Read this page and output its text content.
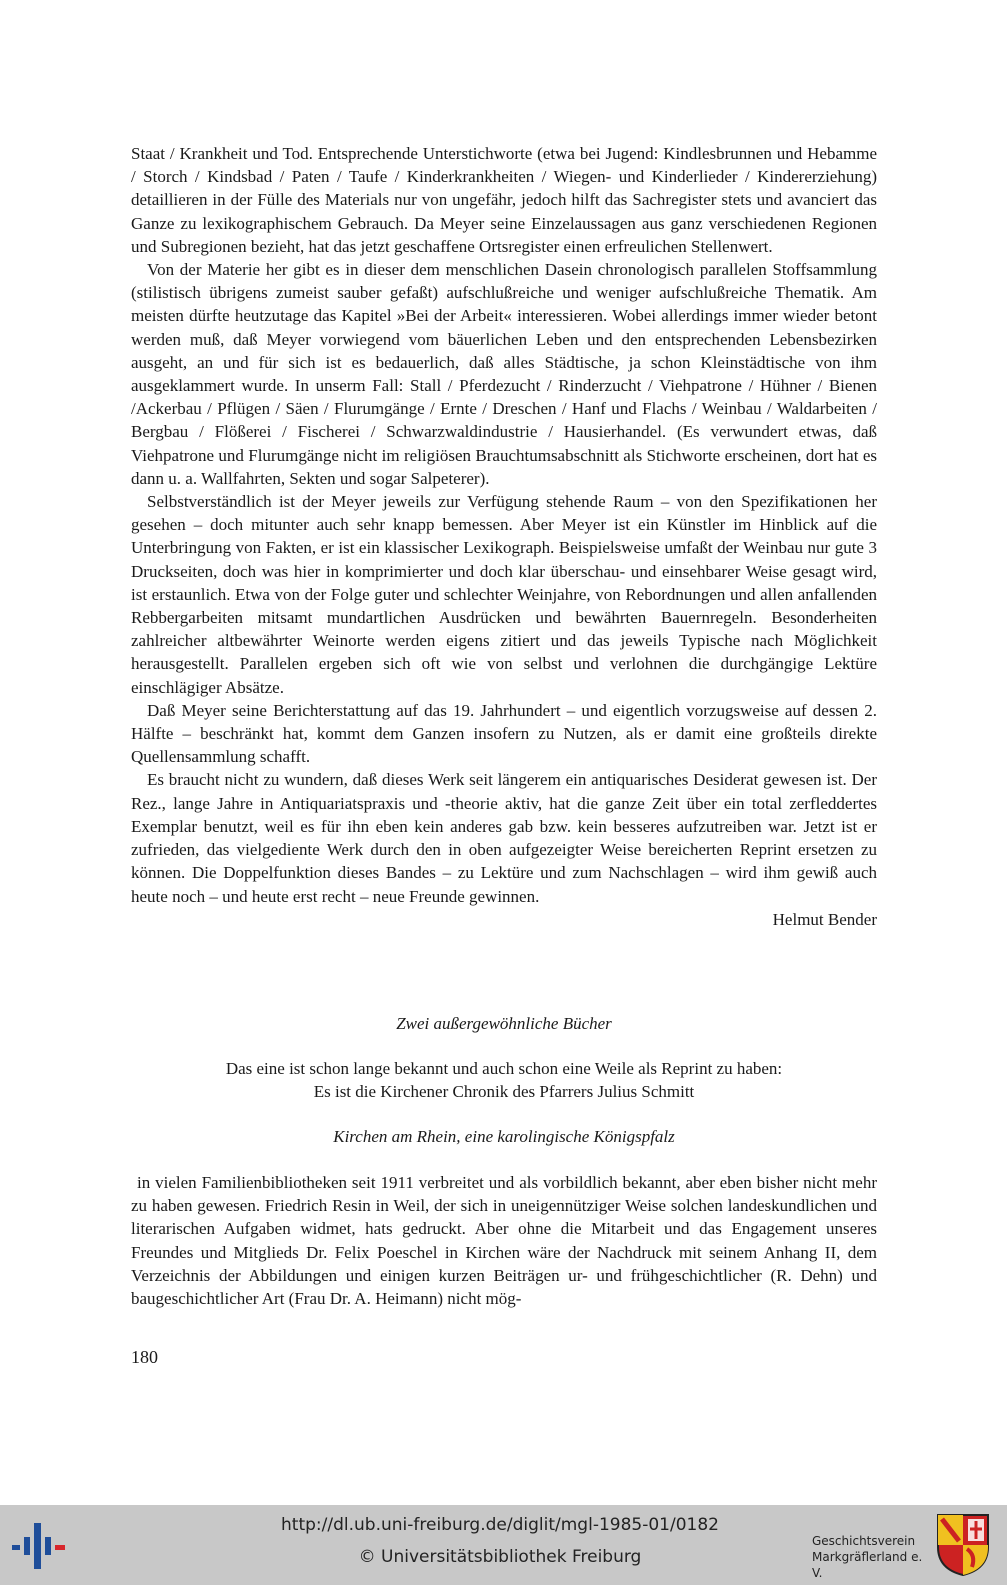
Staat / Krankheit und Tod. Entsprechende Unterstichworte (etwa bei Jugend: Kindlesbrunnen und Hebamme / Storch / Kindsbad / Paten / Taufe / Kinderkrankheiten / Wiegen- und Kinderlieder / Kindererziehung) detaillieren in der Fülle des Materials nur von ungefähr, jedoch hilft das Sachregister stets und avanciert das Ganze zu lexikographischem Gebrauch. Da Meyer seine Einzelaussagen aus ganz verschiedenen Regionen und Subregionen bezieht, hat das jetzt geschaffene Ortsregister einen erfreulichen Stellenwert.

Von der Materie her gibt es in dieser dem menschlichen Dasein chronologisch parallelen Stoffsammlung (stilistisch übrigens zumeist sauber gefaßt) aufschlußreiche und weniger aufschlußreiche Thematik. Am meisten dürfte heutzutage das Kapitel »Bei der Arbeit« interessieren. Wobei allerdings immer wieder betont werden muß, daß Meyer vorwiegend vom bäuerlichen Leben und den entsprechenden Lebensbezirken ausgeht, an und für sich ist es bedauerlich, daß alles Städtische, ja schon Kleinstädtische von ihm ausgeklammert wurde. In unserm Fall: Stall / Pferdezucht / Rinderzucht / Viehpatrone / Hühner / Bienen /Ackerbau / Pflügen / Säen / Flurumgänge / Ernte / Dreschen / Hanf und Flachs / Weinbau / Waldarbeiten / Bergbau / Flößerei / Fischerei / Schwarzwaldindustrie / Hausierhandel. (Es verwundert etwas, daß Viehpatrone und Flurumgänge nicht im religiösen Brauchtumsabschnitt als Stichworte erscheinen, dort hat es dann u. a. Wallfahrten, Sekten und sogar Salpeterer).

Selbstverständlich ist der Meyer jeweils zur Verfügung stehende Raum – von den Spezifikationen her gesehen – doch mitunter auch sehr knapp bemessen. Aber Meyer ist ein Künstler im Hinblick auf die Unterbringung von Fakten, er ist ein klassischer Lexikograph. Beispielsweise umfaßt der Weinbau nur gute 3 Druckseiten, doch was hier in komprimierter und doch klar überschau- und einsehbarer Weise gesagt wird, ist erstaunlich. Etwa von der Folge guter und schlechter Weinjahre, von Rebordnungen und allen anfallenden Rebbergarbeiten mitsamt mundartlichen Ausdrücken und bewährten Bauernregeln. Besonderheiten zahlreicher altbewährter Weinorte werden eigens zitiert und das jeweils Typische nach Möglichkeit herausgestellt. Parallelen ergeben sich oft wie von selbst und verlohnen die durchgängige Lektüre einschlägiger Absätze.

Daß Meyer seine Berichterstattung auf das 19. Jahrhundert – und eigentlich vorzugsweise auf dessen 2. Hälfte – beschränkt hat, kommt dem Ganzen insofern zu Nutzen, als er damit eine großteils direkte Quellensammlung schafft.

Es braucht nicht zu wundern, daß dieses Werk seit längerem ein antiquarisches Desiderat gewesen ist. Der Rez., lange Jahre in Antiquariatspraxis und -theorie aktiv, hat die ganze Zeit über ein total zerfleddertes Exemplar benutzt, weil es für ihn eben kein anderes gab bzw. kein besseres aufzutreiben war. Jetzt ist er zufrieden, das vielgediente Werk durch den in oben aufgezeigter Weise bereicherten Reprint ersetzen zu können. Die Doppelfunktion dieses Bandes – zu Lektüre und zum Nachschlagen – wird ihm gewiß auch heute noch – und heute erst recht – neue Freunde gewinnen.

Helmut Bender

Zwei außergewöhnliche Bücher

Das eine ist schon lange bekannt und auch schon eine Weile als Reprint zu haben:

Es ist die Kirchener Chronik des Pfarrers Julius Schmitt

Kirchen am Rhein, eine karolingische Königspfalz

in vielen Familienbibliotheken seit 1911 verbreitet und als vorbildlich bekannt, aber eben bisher nicht mehr zu haben gewesen. Friedrich Resin in Weil, der sich in uneigennütziger Weise solchen landeskundlichen und literarischen Aufgaben widmet, hats gedruckt. Aber ohne die Mitarbeit und das Engagement unseres Freundes und Mitglieds Dr. Felix Poeschel in Kirchen wäre der Nachdruck mit seinem Anhang II, dem Verzeichnis der Abbildungen und einigen kurzen Beiträgen ur- und frühgeschichtlicher (R. Dehn) und baugeschichtlicher Art (Frau Dr. A. Heimann) nicht mög-

180
http://dl.ub.uni-freiburg.de/diglit/mgl-1985-01/0182
© Universitätsbibliothek Freiburg
Geschichtsverein
Markgräflerland e. V.
